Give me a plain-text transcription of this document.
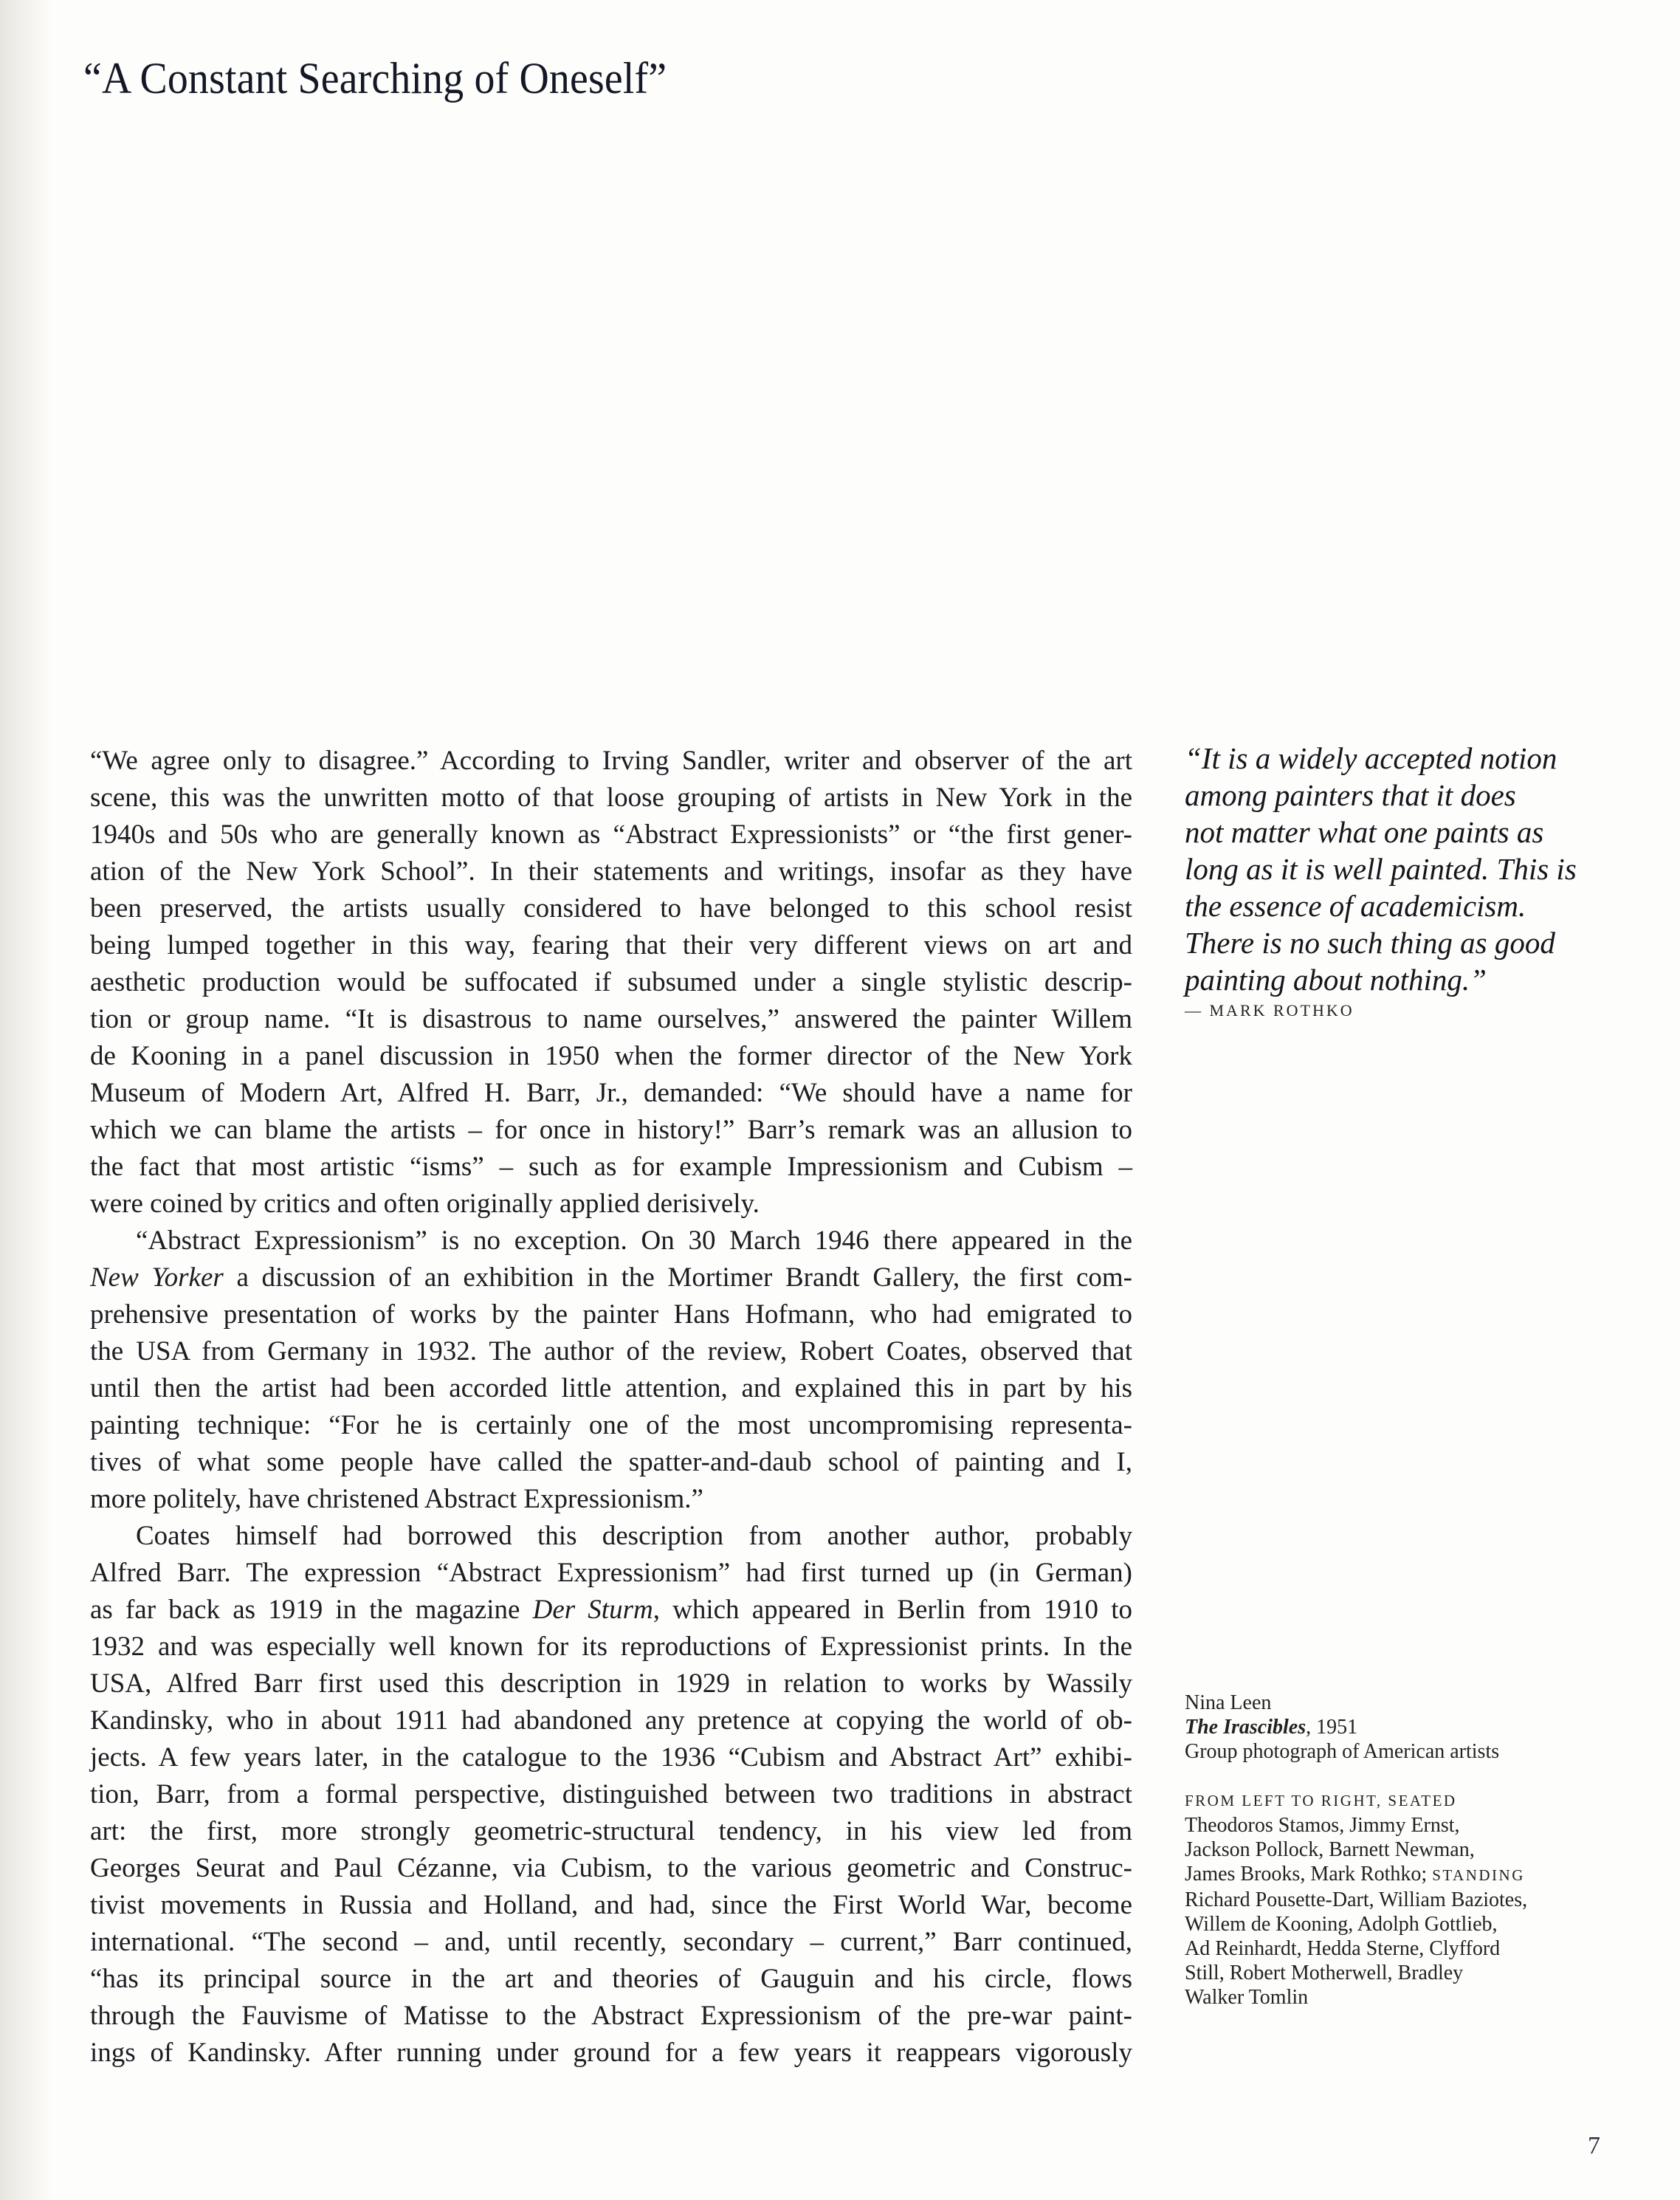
“A Constant Searching of Oneself”
“We agree only to disagree.” According to Irving Sandler, writer and observer of the art
scene, this was the unwritten motto of that loose grouping of artists in New York in the
1940s and 50s who are generally known as “Abstract Expressionists” or “the first gener-
ation of the New York School”. In their statements and writings, insofar as they have
been preserved, the artists usually considered to have belonged to this school resist
being lumped together in this way, fearing that their very different views on art and
aesthetic production would be suffocated if subsumed under a single stylistic descrip-
tion or group name. “It is disastrous to name ourselves,” answered the painter Willem
de Kooning in a panel discussion in 1950 when the former director of the New York
Museum of Modern Art, Alfred H. Barr, Jr., demanded: “We should have a name for
which we can blame the artists – for once in history!” Barr’s remark was an allusion to
the fact that most artistic “isms” – such as for example Impressionism and Cubism –
were coined by critics and often originally applied derisively.
“Abstract Expressionism” is no exception. On 30 March 1946 there appeared in the
New Yorker a discussion of an exhibition in the Mortimer Brandt Gallery, the first com-
prehensive presentation of works by the painter Hans Hofmann, who had emigrated to
the USA from Germany in 1932. The author of the review, Robert Coates, observed that
until then the artist had been accorded little attention, and explained this in part by his
painting technique: “For he is certainly one of the most uncompromising representa-
tives of what some people have called the spatter-and-daub school of painting and I,
more politely, have christened Abstract Expressionism.”
Coates himself had borrowed this description from another author, probably
Alfred Barr. The expression “Abstract Expressionism” had first turned up (in German)
as far back as 1919 in the magazine Der Sturm, which appeared in Berlin from 1910 to
1932 and was especially well known for its reproductions of Expressionist prints. In the
USA, Alfred Barr first used this description in 1929 in relation to works by Wassily
Kandinsky, who in about 1911 had abandoned any pretence at copying the world of ob-
jects. A few years later, in the catalogue to the 1936 “Cubism and Abstract Art” exhibi-
tion, Barr, from a formal perspective, distinguished between two traditions in abstract
art: the first, more strongly geometric-structural tendency, in his view led from
Georges Seurat and Paul Cézanne, via Cubism, to the various geometric and Construc-
tivist movements in Russia and Holland, and had, since the First World War, become
international. “The second – and, until recently, secondary – current,” Barr continued,
“has its principal source in the art and theories of Gauguin and his circle, flows
through the Fauvisme of Matisse to the Abstract Expressionism of the pre-war paint-
ings of Kandinsky. After running under ground for a few years it reappears vigorously
“It is a widely accepted notion
among painters that it does
not matter what one paints as
long as it is well painted. This is
the essence of academicism.
There is no such thing as good
painting about nothing.”
— MARK ROTHKO
Nina Leen
The Irascibles, 1951
Group photograph of American artists
FROM LEFT TO RIGHT, SEATED
Theodoros Stamos, Jimmy Ernst,
Jackson Pollock, Barnett Newman,
James Brooks, Mark Rothko; STANDING
Richard Pousette-Dart, William Baziotes,
Willem de Kooning, Adolph Gottlieb,
Ad Reinhardt, Hedda Sterne, Clyfford
Still, Robert Motherwell, Bradley
Walker Tomlin
7
